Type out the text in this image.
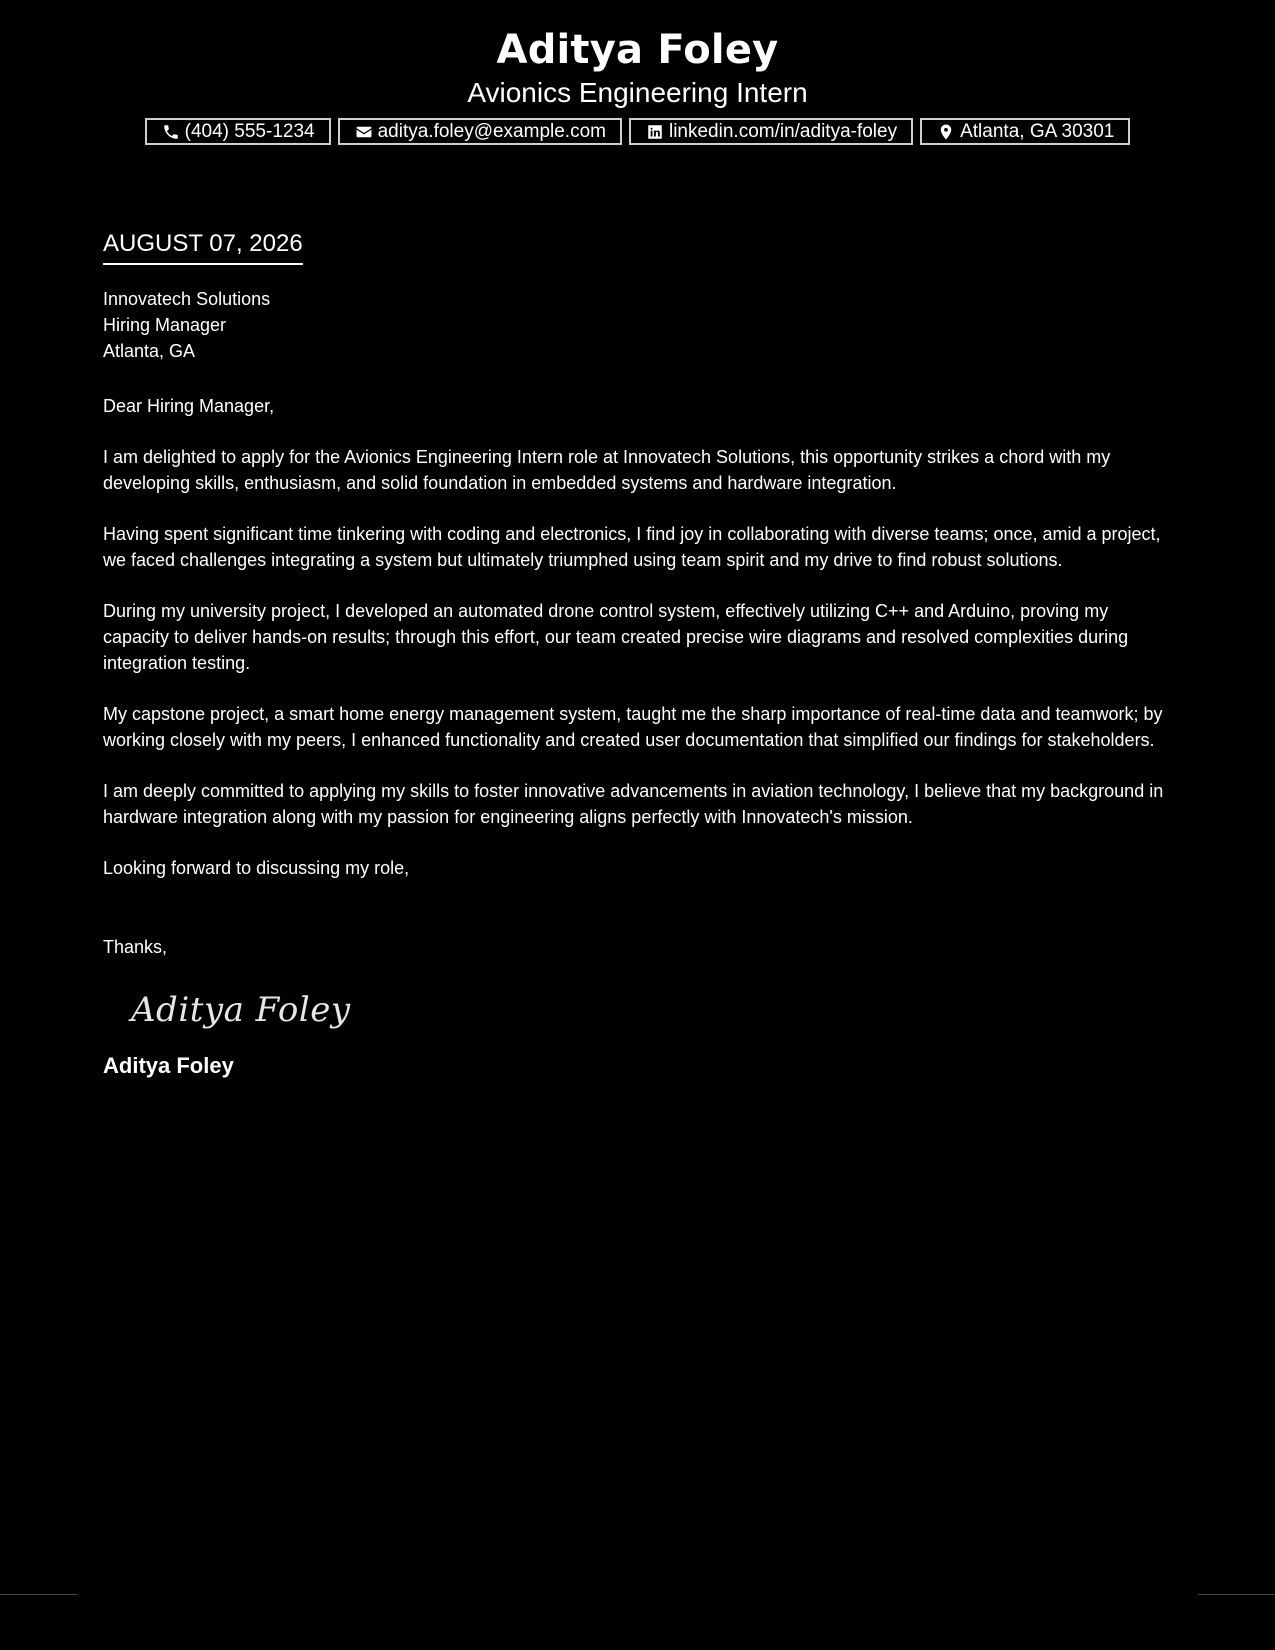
Aditya Foley
Avionics Engineering Intern
(404) 555-1234	aditya.foley@example.com	linkedin.com/in/aditya-foley	Atlanta, GA 30301
AUGUST 07, 2026
Innovatech Solutions
Hiring Manager
Atlanta, GA
Dear Hiring Manager,

I am delighted to apply for the Avionics Engineering Intern role at Innovatech Solutions, this opportunity strikes a chord with my developing skills, enthusiasm, and solid foundation in embedded systems and hardware integration.

Having spent significant time tinkering with coding and electronics, I find joy in collaborating with diverse teams; once, amid a project, we faced challenges integrating a system but ultimately triumphed using team spirit and my drive to find robust solutions.

During my university project, I developed an automated drone control system, effectively utilizing C++ and Arduino, proving my capacity to deliver hands-on results; through this effort, our team created precise wire diagrams and resolved complexities during integration testing.

My capstone project, a smart home energy management system, taught me the sharp importance of real-time data and teamwork; by working closely with my peers, I enhanced functionality and created user documentation that simplified our findings for stakeholders.

I am deeply committed to applying my skills to foster innovative advancements in aviation technology, I believe that my background in hardware integration along with my passion for engineering aligns perfectly with Innovatech's mission.

Looking forward to discussing my role,
Thanks,
Aditya Foley
Aditya Foley
